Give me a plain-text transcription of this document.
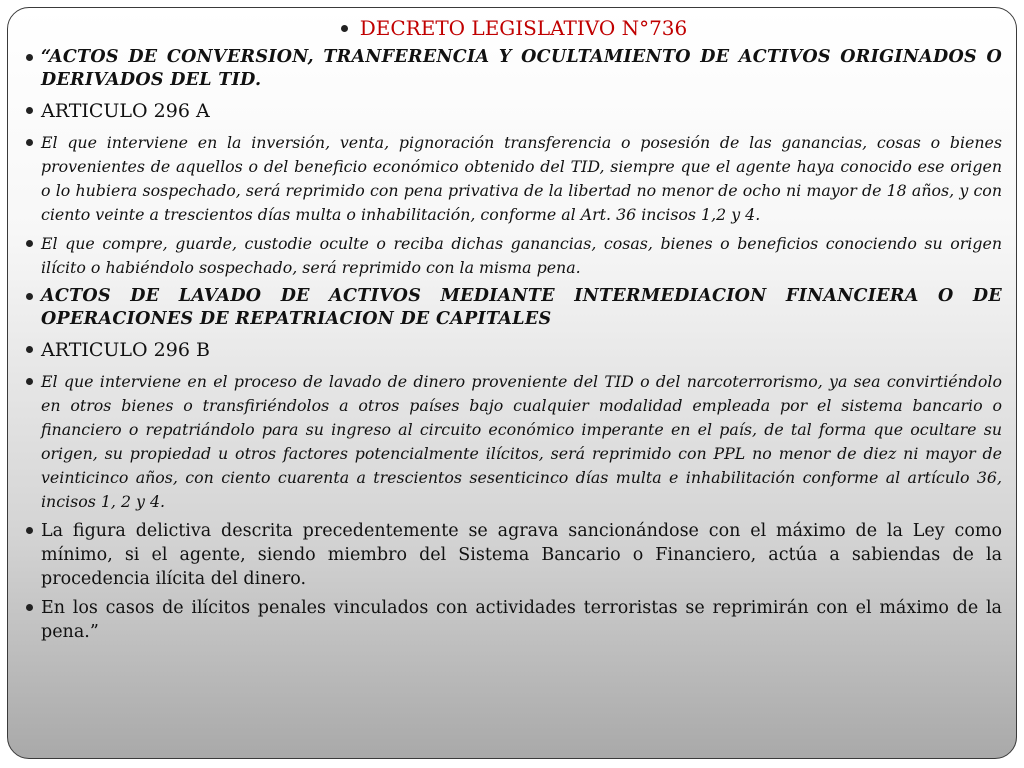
DECRETO LEGISLATIVO N°736
“ACTOS DE CONVERSION, TRANFERENCIA Y OCULTAMIENTO DE ACTIVOS ORIGINADOS O DERIVADOS DEL TID.
ARTICULO 296 A
El que interviene en la inversión, venta, pignoración transferencia o posesión de las ganancias, cosas o bienes provenientes de aquellos o del beneficio económico obtenido del TID, siempre que el agente haya conocido ese origen o lo hubiera sospechado, será reprimido con pena privativa de la libertad no menor de ocho ni mayor de 18 años, y con ciento veinte a trescientos días multa o inhabilitación, conforme al Art. 36 incisos 1,2 y 4.
El que compre, guarde, custodie oculte o reciba dichas ganancias, cosas, bienes o beneficios conociendo su origen ilícito o habiéndolo sospechado, será reprimido con la misma pena.
ACTOS DE LAVADO DE ACTIVOS MEDIANTE INTERMEDIACION FINANCIERA O DE OPERACIONES DE REPATRIACION DE CAPITALES
ARTICULO 296 B
El que interviene en el proceso de lavado de dinero proveniente del TID o del narcoterrorismo, ya sea convirtiéndolo en otros bienes o transfiriéndolos a otros países bajo cualquier modalidad empleada por el sistema bancario o financiero o repatriándolo para su ingreso al circuito económico imperante en el país, de tal forma que ocultare su origen, su propiedad u otros factores potencialmente ilícitos, será reprimido con PPL no menor de diez ni mayor de veinticinco años, con ciento cuarenta a trescientos sesenticinco días multa e inhabilitación conforme al artículo 36, incisos 1, 2 y 4.
La figura delictiva descrita precedentemente se agrava sancionándose con el máximo de la Ley como mínimo, si el agente, siendo miembro del Sistema Bancario o Financiero, actúa a sabiendas de la procedencia ilícita del dinero.
En los casos de ilícitos penales vinculados con actividades terroristas se reprimirán con el máximo de la pena.”
